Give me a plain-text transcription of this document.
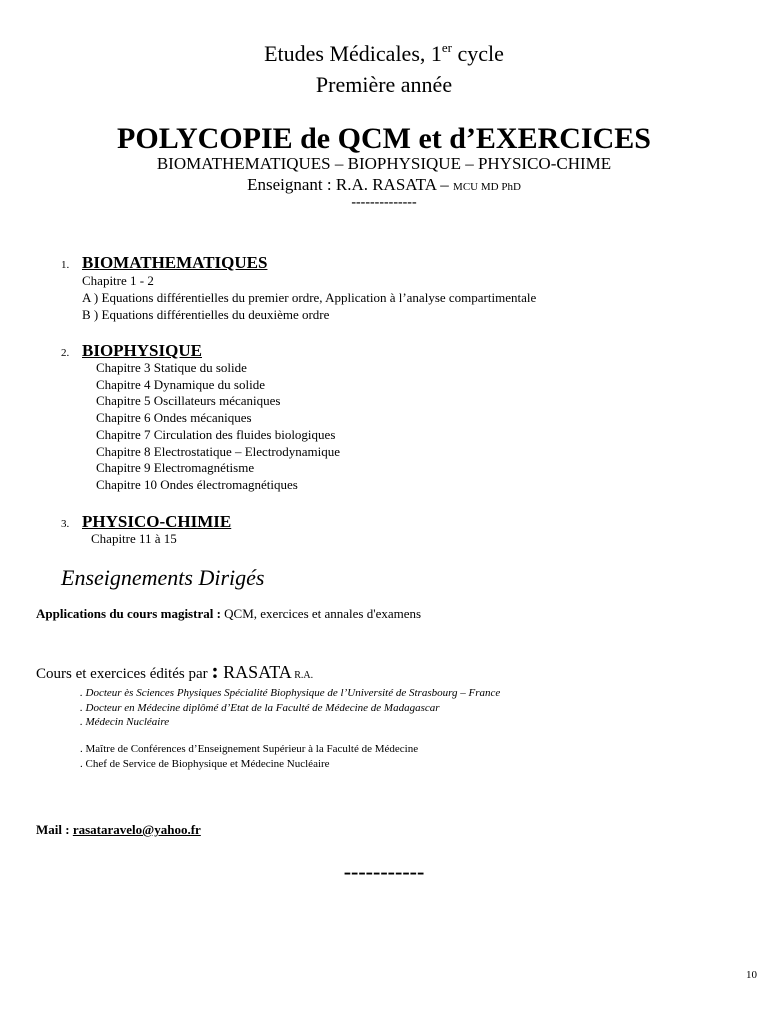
Etudes Médicales, 1er cycle
Première année
POLYCOPIE de QCM et d’EXERCICES
BIOMATHEMATIQUES – BIOPHYSIQUE – PHYSICO-CHIME
Enseignant : R.A. RASATA – MCU MD PhD
--------------
1. BIOMATHEMATIQUES
Chapitre 1 - 2
A ) Equations différentielles du premier ordre, Application à l’analyse compartimentale
B ) Equations différentielles du deuxième ordre
2. BIOPHYSIQUE
Chapitre 3 Statique du solide
Chapitre 4 Dynamique du solide
Chapitre 5 Oscillateurs mécaniques
Chapitre 6 Ondes mécaniques
Chapitre 7 Circulation des fluides biologiques
Chapitre 8 Electrostatique – Electrodynamique
Chapitre 9 Electromagnétisme
Chapitre 10 Ondes électromagnétiques
3. PHYSICO-CHIMIE
Chapitre 11 à 15
Enseignements Dirigés
Applications du cours magistral : QCM, exercices et annales d'examens
Cours et exercices édités par : RASATA R.A.
. Docteur ès Sciences Physiques Spécialité Biophysique de l’Université de Strasbourg – France
. Docteur en Médecine diplômé d’Etat de la Faculté de Médecine de Madagascar
. Médecin Nucléaire
. Maître de Conférences d’Enseignement Supérieur à la Faculté de Médecine
. Chef de Service de Biophysique et Médecine Nucléaire
Mail : rasataravelo@yahoo.fr
-----------
10
